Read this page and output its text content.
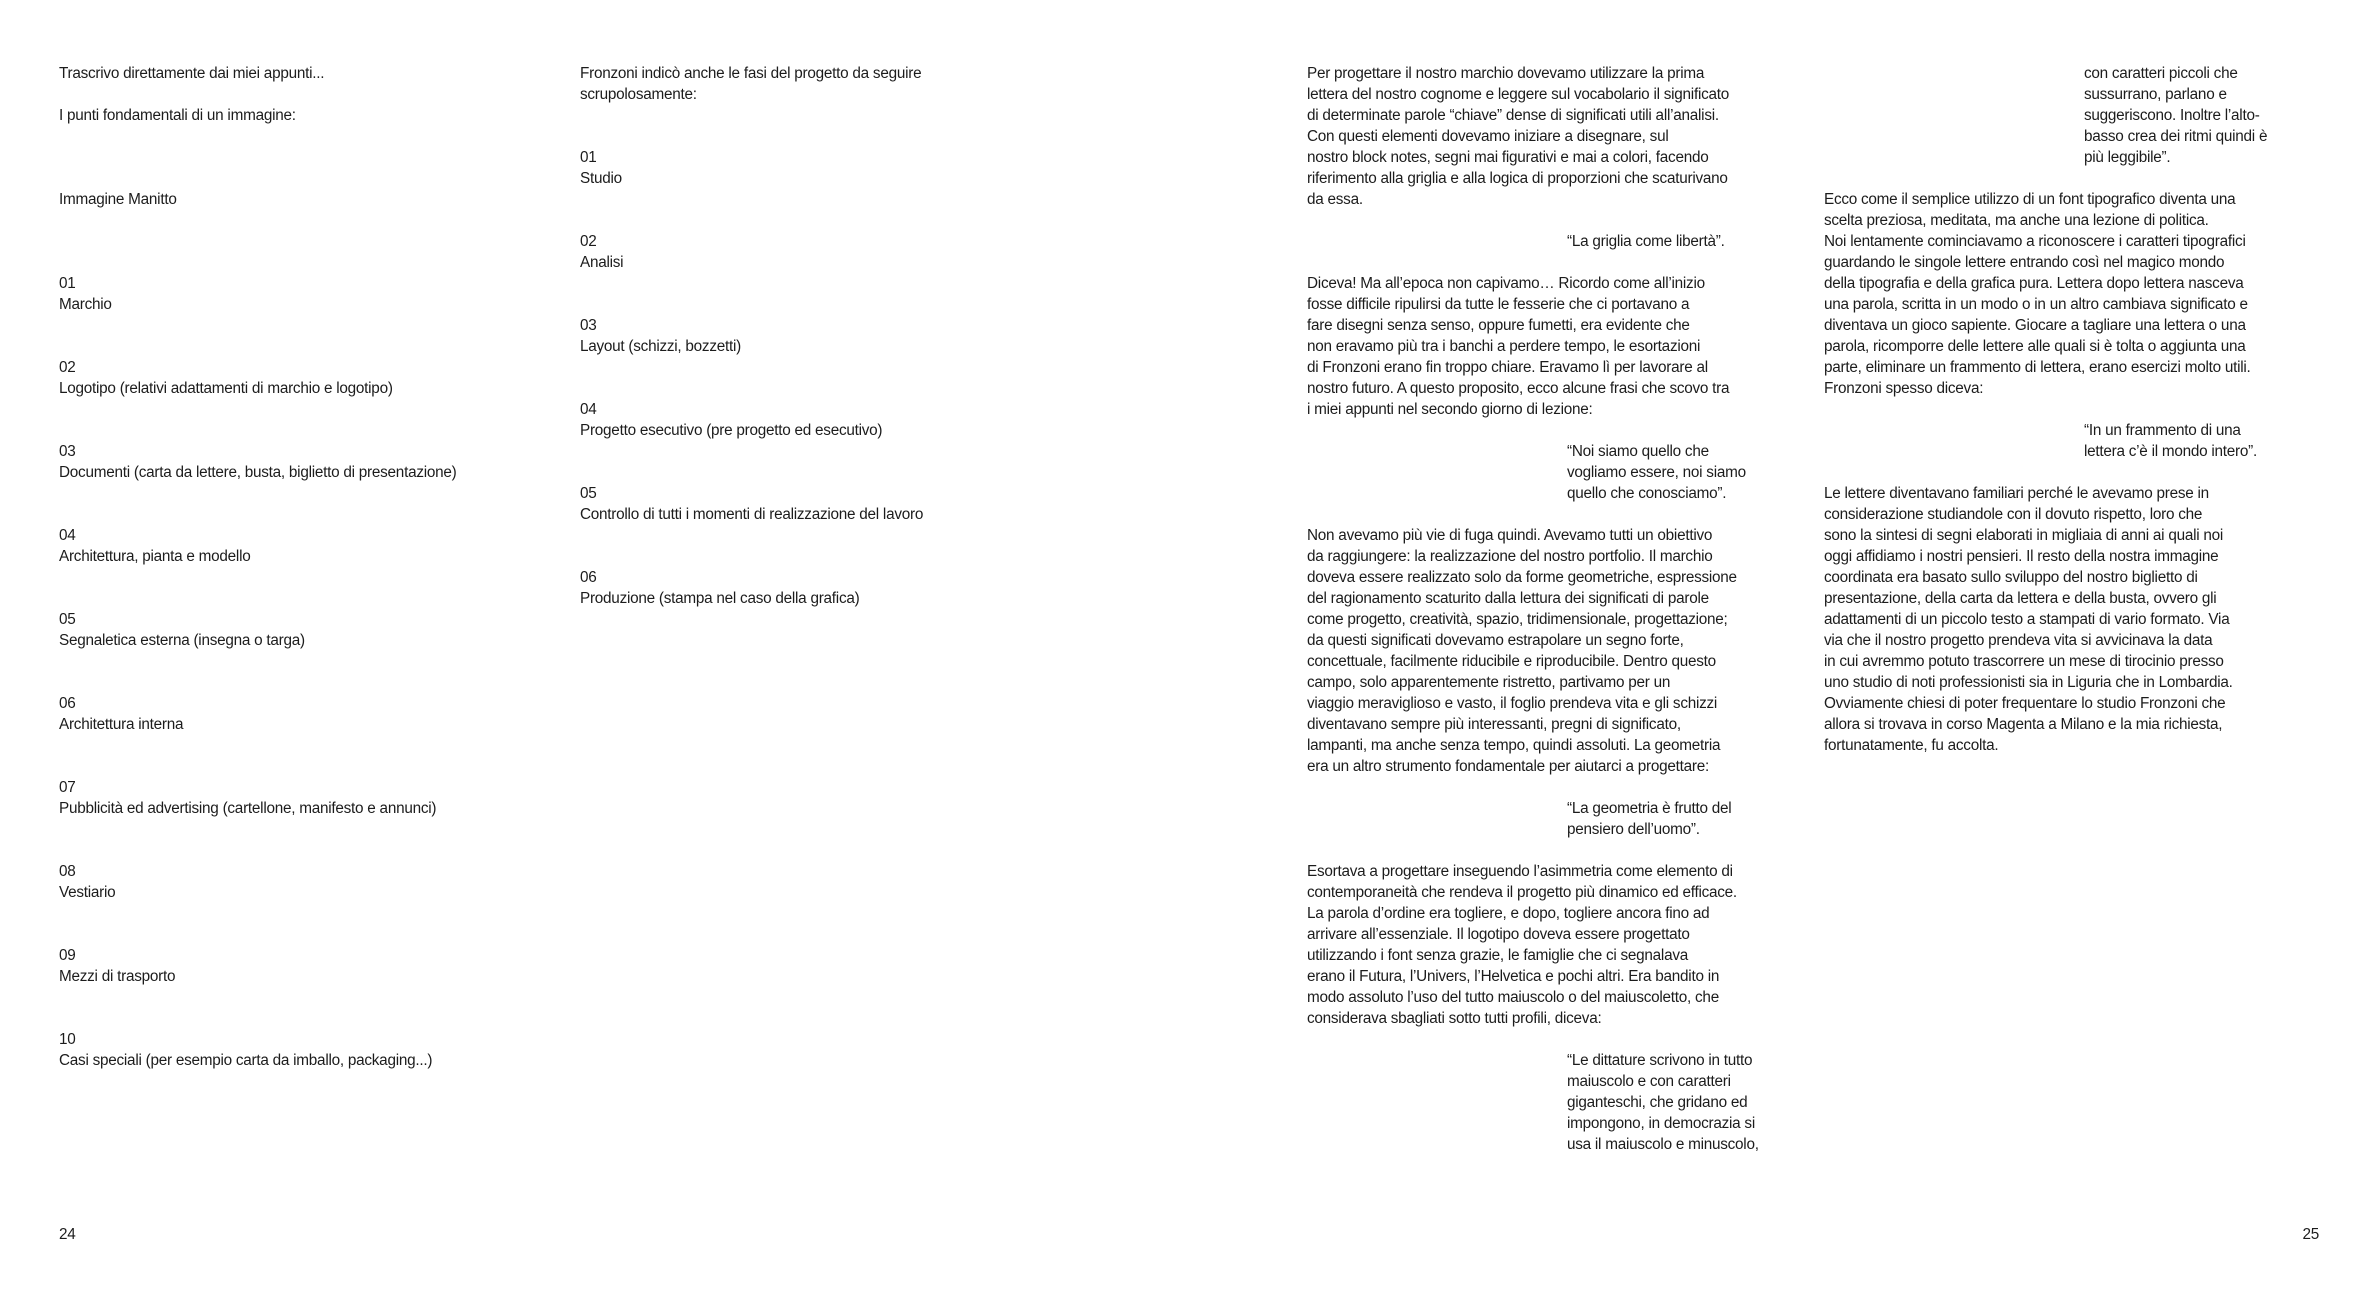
Trascrivo direttamente dai miei appunti...

I punti fondamentali di un immagine:

Immagine Manitto

01

Marchio

02

Logotipo (relativi adattamenti di marchio e logotipo)

03

Documenti (carta da lettere, busta, biglietto di presentazione)

04

Architettura, pianta e modello

05

Segnaletica esterna (insegna o targa)

06

Architettura interna

07

Pubblicità ed advertising (cartellone, manifesto e annunci)

08

Vestiario

09

Mezzi di trasporto

10

Casi speciali (per esempio carta da imballo, packaging...)

Fronzoni indicò anche le fasi del progetto da seguire
scrupolosamente:

01

Studio

02

Analisi

03

Layout (schizzi, bozzetti)

04

Progetto esecutivo (pre progetto ed esecutivo)

05

Controllo di tutti i momenti di realizzazione del lavoro

06

Produzione (stampa nel caso della grafica)

24

Per progettare il nostro marchio dovevamo utilizzare la prima
lettera del nostro cognome e leggere sul vocabolario il significato
di determinate parole “chiave” dense di significati utili all’analisi.
Con questi elementi dovevamo iniziare a disegnare, sul
nostro block notes, segni mai figurativi e mai a colori, facendo
riferimento alla griglia e alla logica di proporzioni che scaturivano
da essa.

“La griglia come libertà”.

Diceva! Ma all’epoca non capivamo… Ricordo come all’inizio
fosse difficile ripulirsi da tutte le fesserie che ci portavano a
fare disegni senza senso, oppure fumetti, era evidente che
non eravamo più tra i banchi a perdere tempo, le esortazioni
di Fronzoni erano fin troppo chiare. Eravamo lì per lavorare al
nostro futuro. A questo proposito, ecco alcune frasi che scovo tra
i miei appunti nel secondo giorno di lezione:

“Noi siamo quello che
vogliamo essere, noi siamo
quello che conosciamo”.

Non avevamo più vie di fuga quindi. Avevamo tutti un obiettivo
da raggiungere: la realizzazione del nostro portfolio. Il marchio
doveva essere realizzato solo da forme geometriche, espressione
del ragionamento scaturito dalla lettura dei significati di parole
come progetto, creatività, spazio, tridimensionale, progettazione;
da questi significati dovevamo estrapolare un segno forte,
concettuale, facilmente riducibile e riproducibile. Dentro questo
campo, solo apparentemente ristretto, partivamo per un
viaggio meraviglioso e vasto, il foglio prendeva vita e gli schizzi
diventavano sempre più interessanti, pregni di significato,
lampanti, ma anche senza tempo, quindi assoluti. La geometria
era un altro strumento fondamentale per aiutarci a progettare:

“La geometria è frutto del
pensiero dell’uomo”.

Esortava a progettare inseguendo l’asimmetria come elemento di
contemporaneità che rendeva il progetto più dinamico ed efficace.
La parola d’ordine era togliere, e dopo, togliere ancora fino ad
arrivare all’essenziale. Il logotipo doveva essere progettato
utilizzando i font senza grazie, le famiglie che ci segnalava
erano il Futura, l’Univers, l’Helvetica e pochi altri. Era bandito in
modo assoluto l’uso del tutto maiuscolo o del maiuscoletto, che
considerava sbagliati sotto tutti profili, diceva:

“Le dittature scrivono in tutto
maiuscolo e con caratteri
giganteschi, che gridano ed
impongono, in democrazia si
usa il maiuscolo e minuscolo,

con caratteri piccoli che
sussurrano, parlano e
suggeriscono. Inoltre l’alto-
basso crea dei ritmi quindi è
più leggibile”.

Ecco come il semplice utilizzo di un font tipografico diventa una
scelta preziosa, meditata, ma anche una lezione di politica.
Noi lentamente cominciavamo a riconoscere i caratteri tipografici
guardando le singole lettere entrando così nel magico mondo
della tipografia e della grafica pura. Lettera dopo lettera nasceva
una parola, scritta in un modo o in un altro cambiava significato e
diventava un gioco sapiente. Giocare a tagliare una lettera o una
parola, ricomporre delle lettere alle quali si è tolta o aggiunta una
parte, eliminare un frammento di lettera, erano esercizi molto utili.
Fronzoni spesso diceva:

“In un frammento di una
lettera c’è il mondo intero”.

Le lettere diventavano familiari perché le avevamo prese in
considerazione studiandole con il dovuto rispetto, loro che
sono la sintesi di segni elaborati in migliaia di anni ai quali noi
oggi affidiamo i nostri pensieri. Il resto della nostra immagine
coordinata era basato sullo sviluppo del nostro biglietto di
presentazione, della carta da lettera e della busta, ovvero gli
adattamenti di un piccolo testo a stampati di vario formato. Via
via che il nostro progetto prendeva vita si avvicinava la data
in cui avremmo potuto trascorrere un mese di tirocinio presso
uno studio di noti professionisti sia in Liguria che in Lombardia.
Ovviamente chiesi di poter frequentare lo studio Fronzoni che
allora si trovava in corso Magenta a Milano e la mia richiesta,
fortunatamente, fu accolta.

25
